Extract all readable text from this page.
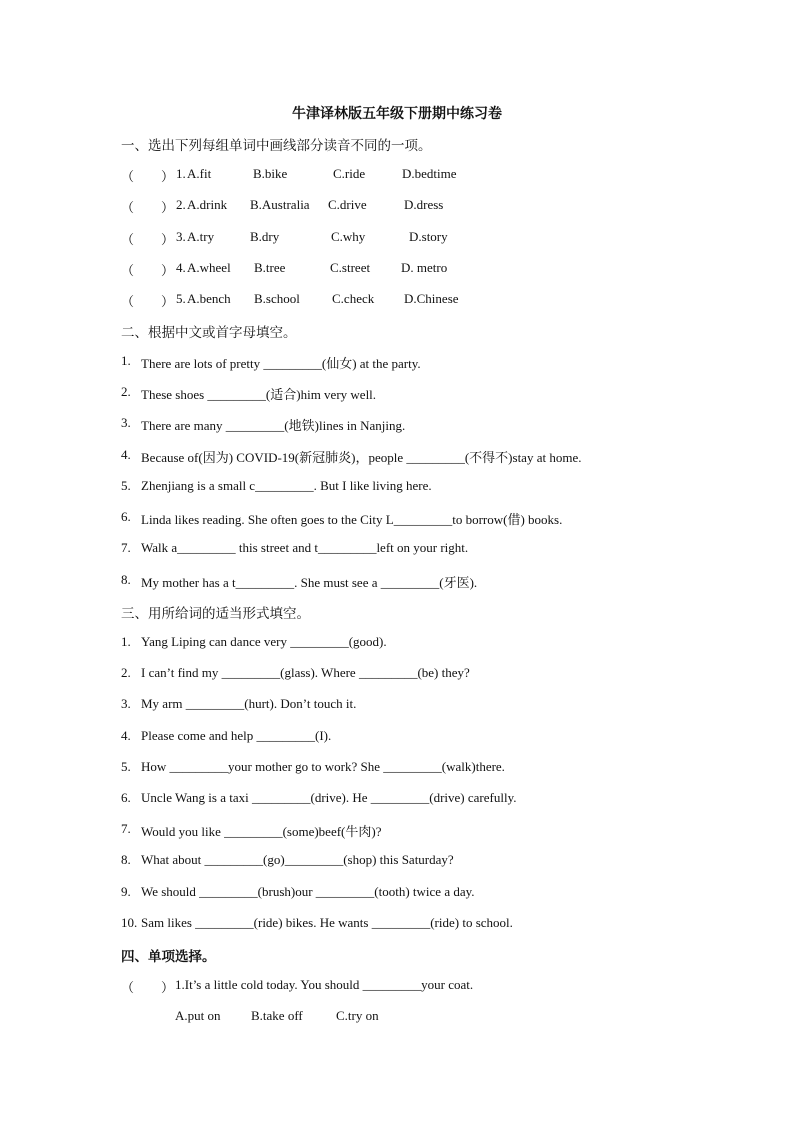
牛津译林版五年级下册期中练习卷
一、选出下列每组单词中画线部分读音不同的一项。
（ ） 1. A.fit	B.bike	C.ride	D.bedtime
（ ） 2. A.drink B.Australia C.drive	D.dress
（ ） 3. A.try	B.dry	C.why	D.story
（ ） 4. A.wheel B.tree	C.street D. metro
（ ） 5. A.bench B.school C.check D.Chinese
二、根据中文或首字母填空。
1. There are lots of pretty _________(仙女) at the party.
2. These shoes _________(适合)him very well.
3. There are many _________(地铁)lines in Nanjing.
4. Because of(因为) COVID-19(新冠肺炎)，people _________(不得不)stay at home.
5. Zhenjiang is a small c_________. But I like living here.
6. Linda likes reading. She often goes to the City L_________to borrow(借) books.
7. Walk a_________ this street and t_________left on your right.
8. My mother has a t_________. She must see a _________(牙医).
三、用所给词的适当形式填空。
1. Yang Liping can dance very _________(good).
2. I can’t find my _________(glass). Where _________(be) they?
3. My arm _________(hurt). Don’t touch it.
4. Please come and help _________(I).
5. How _________your mother go to work? She _________(walk)there.
6. Uncle Wang is a taxi _________(drive). He _________(drive) carefully.
7. Would you like _________(some)beef(牛肉)?
8. What about _________(go)_________(shop) this Saturday?
9. We should _________(brush)our _________(tooth) twice a day.
10. Sam likes _________(ride) bikes. He wants _________(ride) to school.
四、单项选择。
（ ） 1.It’s a little cold today. You should _________your coat.
A.put on B.take off	C.try on
